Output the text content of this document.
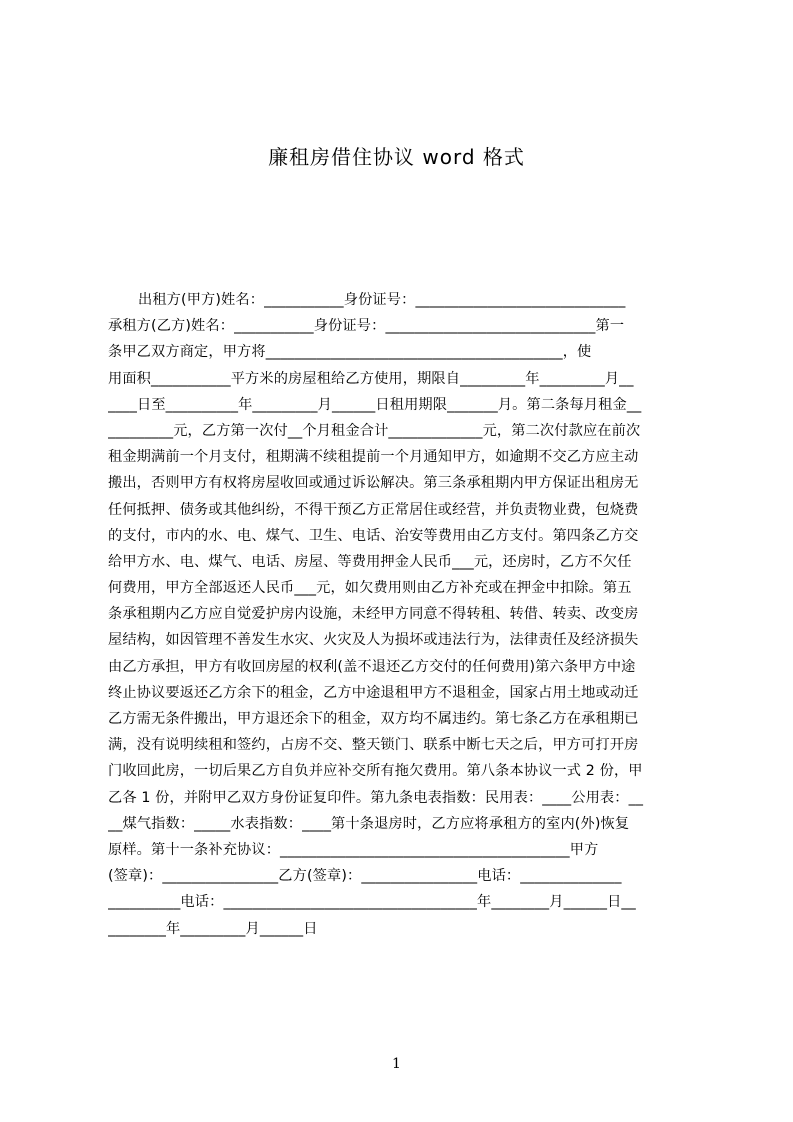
廉租房借住协议 word 格式
出租方(甲方)姓名：___________身份证号：_____________________________
承租方(乙方)姓名：___________身份证号：_____________________________第一
条甲乙双方商定，甲方将_________________________________________，使
用面积___________平方米的房屋租给乙方使用，期限自_________年_________月__
____日至__________年_________月______日租用期限_______月。第二条每月租金__
_________元，乙方第一次付__个月租金合计_____________元，第二次付款应在前次
租金期满前一个月支付，租期满不续租提前一个月通知甲方，如逾期不交乙方应主动
搬出，否则甲方有权将房屋收回或通过诉讼解决。第三条承租期内甲方保证出租房无
任何抵押、债务或其他纠纷，不得干预乙方正常居住或经营，并负责物业费，包烧费
的支付，市内的水、电、煤气、卫生、电话、治安等费用由乙方支付。第四条乙方交
给甲方水、电、煤气、电话、房屋、等费用押金人民币___元，还房时，乙方不欠任
何费用，甲方全部返还人民币___元，如欠费用则由乙方补充或在押金中扣除。第五
条承租期内乙方应自觉爱护房内设施，未经甲方同意不得转租、转借、转卖、改变房
屋结构，如因管理不善发生水灾、火灾及人为损坏或违法行为，法律责任及经济损失
由乙方承担，甲方有收回房屋的权利(盖不退还乙方交付的任何费用)第六条甲方中途
终止协议要返还乙方余下的租金，乙方中途退租甲方不退租金，国家占用土地或动迁
乙方需无条件搬出，甲方退还余下的租金，双方均不属违约。第七条乙方在承租期已
满，没有说明续租和签约，占房不交、整天锁门、联系中断七天之后，甲方可打开房
门收回此房，一切后果乙方自负并应补交所有拖欠费用。第八条本协议一式 2 份，甲
乙各 1 份，并附甲乙双方身份证复印件。第九条电表指数：民用表：____公用表：__
__煤气指数：_____水表指数：____第十条退房时，乙方应将承租方的室内(外)恢复
原样。第十一条补充协议：________________________________________甲方
(签章)：________________乙方(签章)：________________电话：______________
__________电话：___________________________________年________月______日__
________年_________月______日
1
